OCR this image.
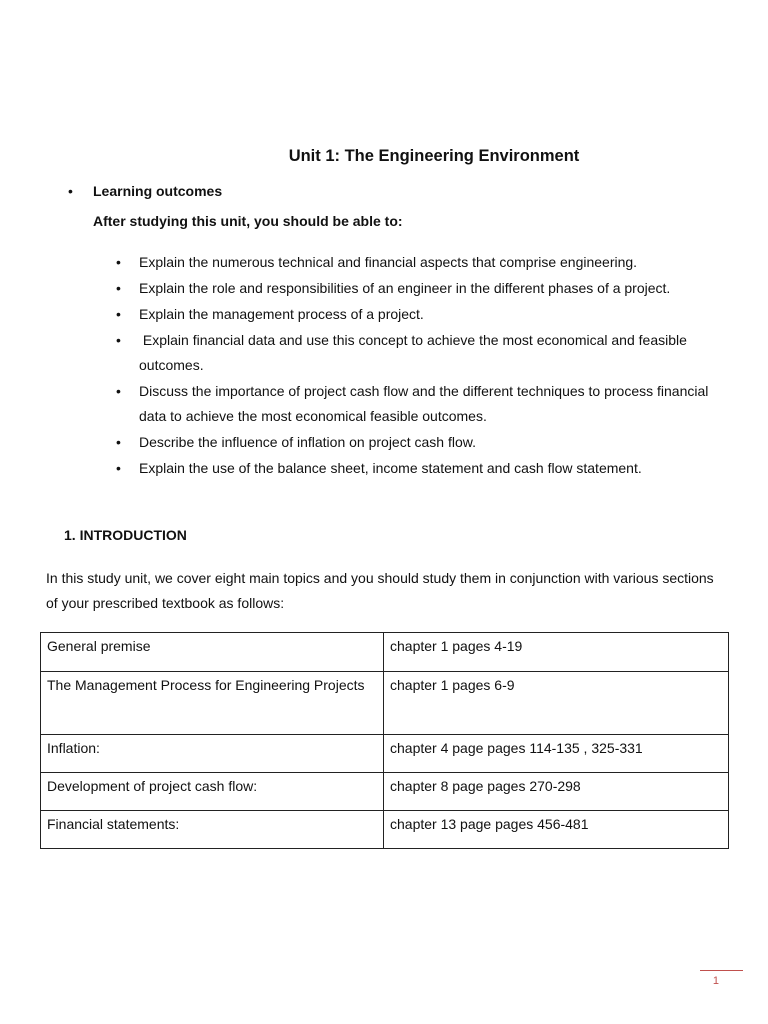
Unit 1: The Engineering Environment
• Learning outcomes
After studying this unit, you should be able to:
• Explain the numerous technical and financial aspects that comprise engineering.
• Explain the role and responsibilities of an engineer in the different phases of a project.
• Explain the management process of a project.
• Explain financial data and use this concept to achieve the most economical and feasible outcomes.
• Discuss the importance of project cash flow and the different techniques to process financial data to achieve the most economical feasible outcomes.
• Describe the influence of inflation on project cash flow.
• Explain the use of the balance sheet, income statement and cash flow statement.
1. INTRODUCTION
In this study unit, we cover eight main topics and you should study them in conjunction with various sections of your prescribed textbook as follows:
General premise	chapter 1 pages 4-19
The Management Process for Engineering Projects	chapter 1 pages 6-9
Inflation:	chapter 4 page pages 114-135 , 325-331
Development of project cash flow:	chapter 8 page pages 270-298
Financial statements:	chapter 13 page pages 456-481
1
